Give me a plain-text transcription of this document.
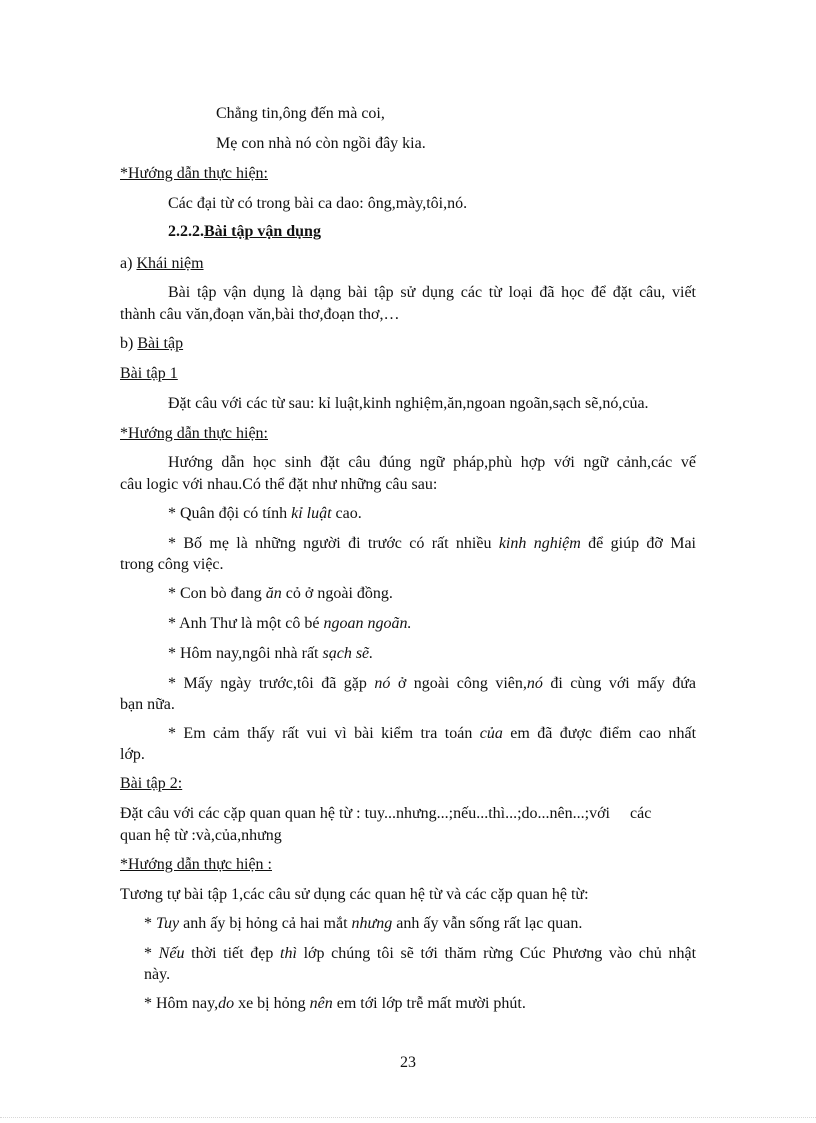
Chẳng tin,ông đến mà coi,
Mẹ con nhà nó còn ngồi đây kia.
*Hướng dẫn thực hiện:
Các đại từ có trong bài ca dao: ông,mày,tôi,nó.
2.2.2.Bài tập vận dụng
a) Khái niệm
Bài tập vận dụng là dạng bài tập sử dụng các từ loại đã học để đặt câu, viết
thành câu văn,đoạn văn,bài thơ,đoạn thơ,…
b) Bài tập
Bài tập 1
Đặt câu với các từ sau: kỉ luật,kinh nghiệm,ăn,ngoan ngoãn,sạch sẽ,nó,của.
*Hướng dẫn thực hiện:
Hướng dẫn học sinh đặt câu đúng ngữ pháp,phù hợp với ngữ cảnh,các vế
câu logic với nhau.Có thể đặt như những câu sau:
* Quân đội có tính kỉ luật cao.
* Bố mẹ là những người đi trước có rất nhiều kinh nghiệm để giúp đỡ Mai
trong công việc.
* Con bò đang ăn cỏ ở ngoài đồng.
* Anh Thư là một cô bé ngoan ngoãn.
* Hôm nay,ngôi nhà rất sạch sẽ.
* Mấy ngày trước,tôi đã gặp nó ở ngoài công viên,nó đi cùng với mấy đứa
bạn nữa.
* Em cảm thấy rất vui vì bài kiểm tra toán của em đã được điểm cao nhất
lớp.
Bài tập 2:
Đặt câu với các cặp quan quan hệ từ : tuy...nhưng...;nếu...thì...;do...nên...;với     các
quan hệ từ :và,của,nhưng
*Hướng dẫn thực hiện :
Tương tự bài tập 1,các câu sử dụng các quan hệ từ và các cặp quan hệ từ:
* Tuy anh ấy bị hỏng cả hai mắt nhưng anh ấy vẫn sống rất lạc quan.
* Nếu thời tiết đẹp thì lớp chúng tôi sẽ tới thăm rừng Cúc Phương vào chủ nhật
này.
* Hôm nay,do xe bị hỏng nên em tới lớp trễ mất mười phút.
23
